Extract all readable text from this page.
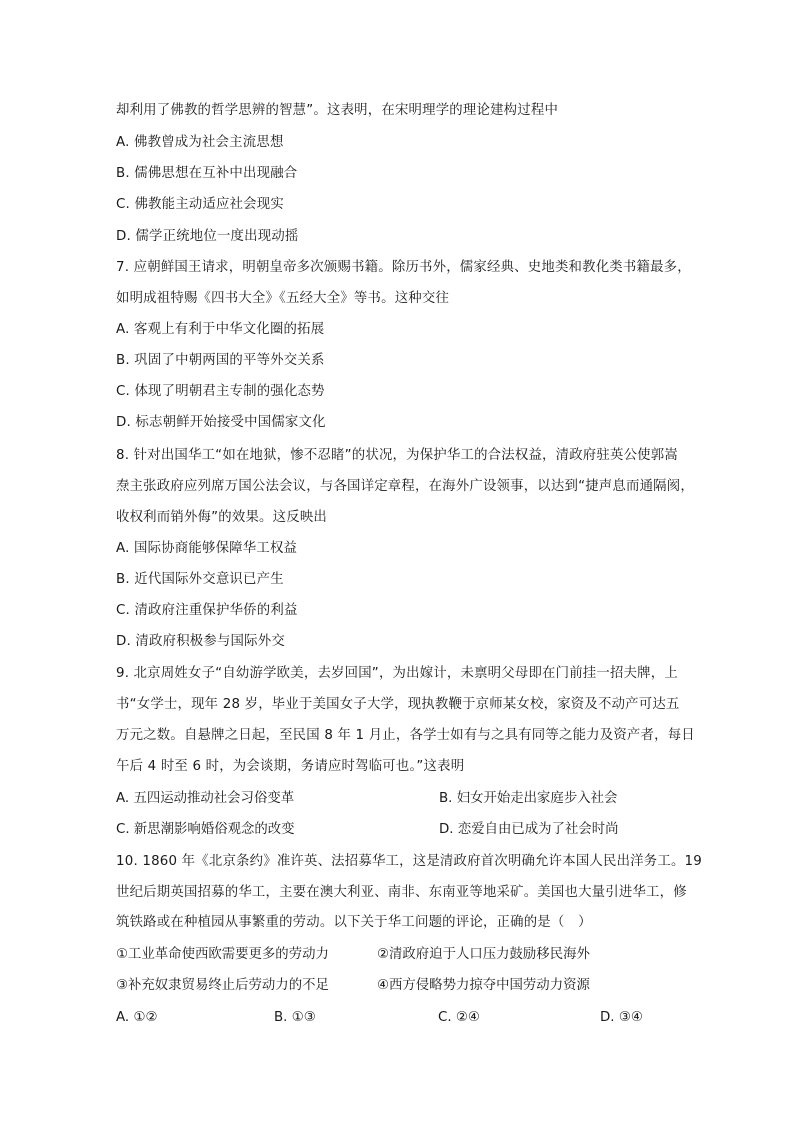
却利用了佛教的哲学思辨的智慧”。这表明，在宋明理学的理论建构过程中
A. 佛教曾成为社会主流思想
B. 儒佛思想在互补中出现融合
C. 佛教能主动适应社会现实
D. 儒学正统地位一度出现动摇
7. 应朝鲜国王请求，明朝皇帝多次颁赐书籍。除历书外，儒家经典、史地类和教化类书籍最多，
如明成祖特赐《四书大全》《五经大全》等书。这种交往
A. 客观上有利于中华文化圈的拓展
B. 巩固了中朝两国的平等外交关系
C. 体现了明朝君主专制的强化态势
D. 标志朝鲜开始接受中国儒家文化
8. 针对出国华工“如在地狱，惨不忍睹”的状况，为保护华工的合法权益，清政府驻英公使郭嵩
焘主张政府应列席万国公法会议，与各国详定章程，在海外广设领事，以达到“捷声息而通隔阂，
收权利而销外侮”的效果。这反映出
A. 国际协商能够保障华工权益
B. 近代国际外交意识已产生
C. 清政府注重保护华侨的利益
D. 清政府积极参与国际外交
9. 北京周姓女子“自幼游学欧美，去岁回国”，为出嫁计，未禀明父母即在门前挂一招夫牌，上
书“女学士，现年 28 岁，毕业于美国女子大学，现执教鞭于京师某女校，家资及不动产可达五
万元之数。自悬牌之日起，至民国 8 年 1 月止，各学士如有与之具有同等之能力及资产者，每日
午后 4 时至 6 时，为会谈期，务请应时驾临可也。”这表明
A. 五四运动推动社会习俗变革	B. 妇女开始走出家庭步入社会
C. 新思潮影响婚俗观念的改变	D. 恋爱自由已成为了社会时尚
10. 1860 年《北京条约》准许英、法招募华工，这是清政府首次明确允许本国人民出洋务工。19
世纪后期英国招募的华工，主要在澳大利亚、南非、东南亚等地采矿。美国也大量引进华工，修
筑铁路或在种植园从事繁重的劳动。以下关于华工问题的评论，正确的是（　）
①工业革命使西欧需要更多的劳动力	②清政府迫于人口压力鼓励移民海外
③补充奴隶贸易终止后劳动力的不足	④西方侵略势力掠夺中国劳动力资源
A. ①②	B. ①③	C. ②④	D. ③④
